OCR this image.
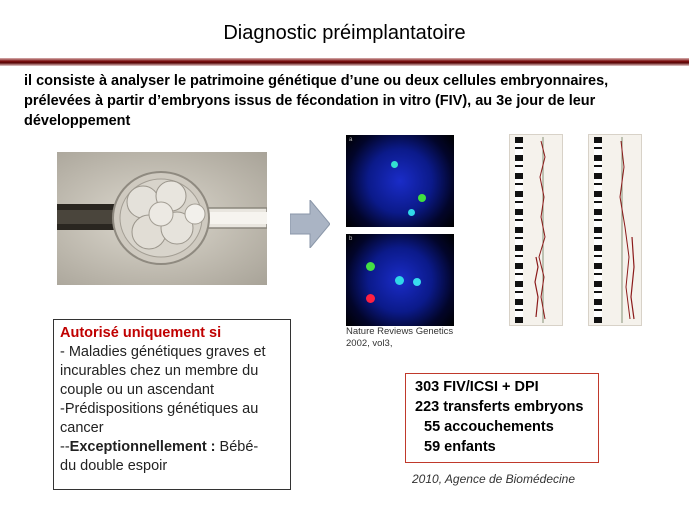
Diagnostic préimplantatoire
il consiste à analyser le patrimoine génétique d’une ou deux cellules embryonnaires,
prélevées à partir d’embryons issus de fécondation in vitro (FIV), au 3e jour de leur
développement
a
b
Nature Reviews Genetics
2002, vol3,
Autorisé uniquement si
- Maladies génétiques graves et
incurables chez un membre du
couple ou un ascendant
-Prédispositions génétiques au
cancer
--Exceptionnellement : Bébé-
du double espoir
303 FIV/ICSI + DPI
223 transferts embryons
55 accouchements
59 enfants
2010, Agence de Biomédecine
